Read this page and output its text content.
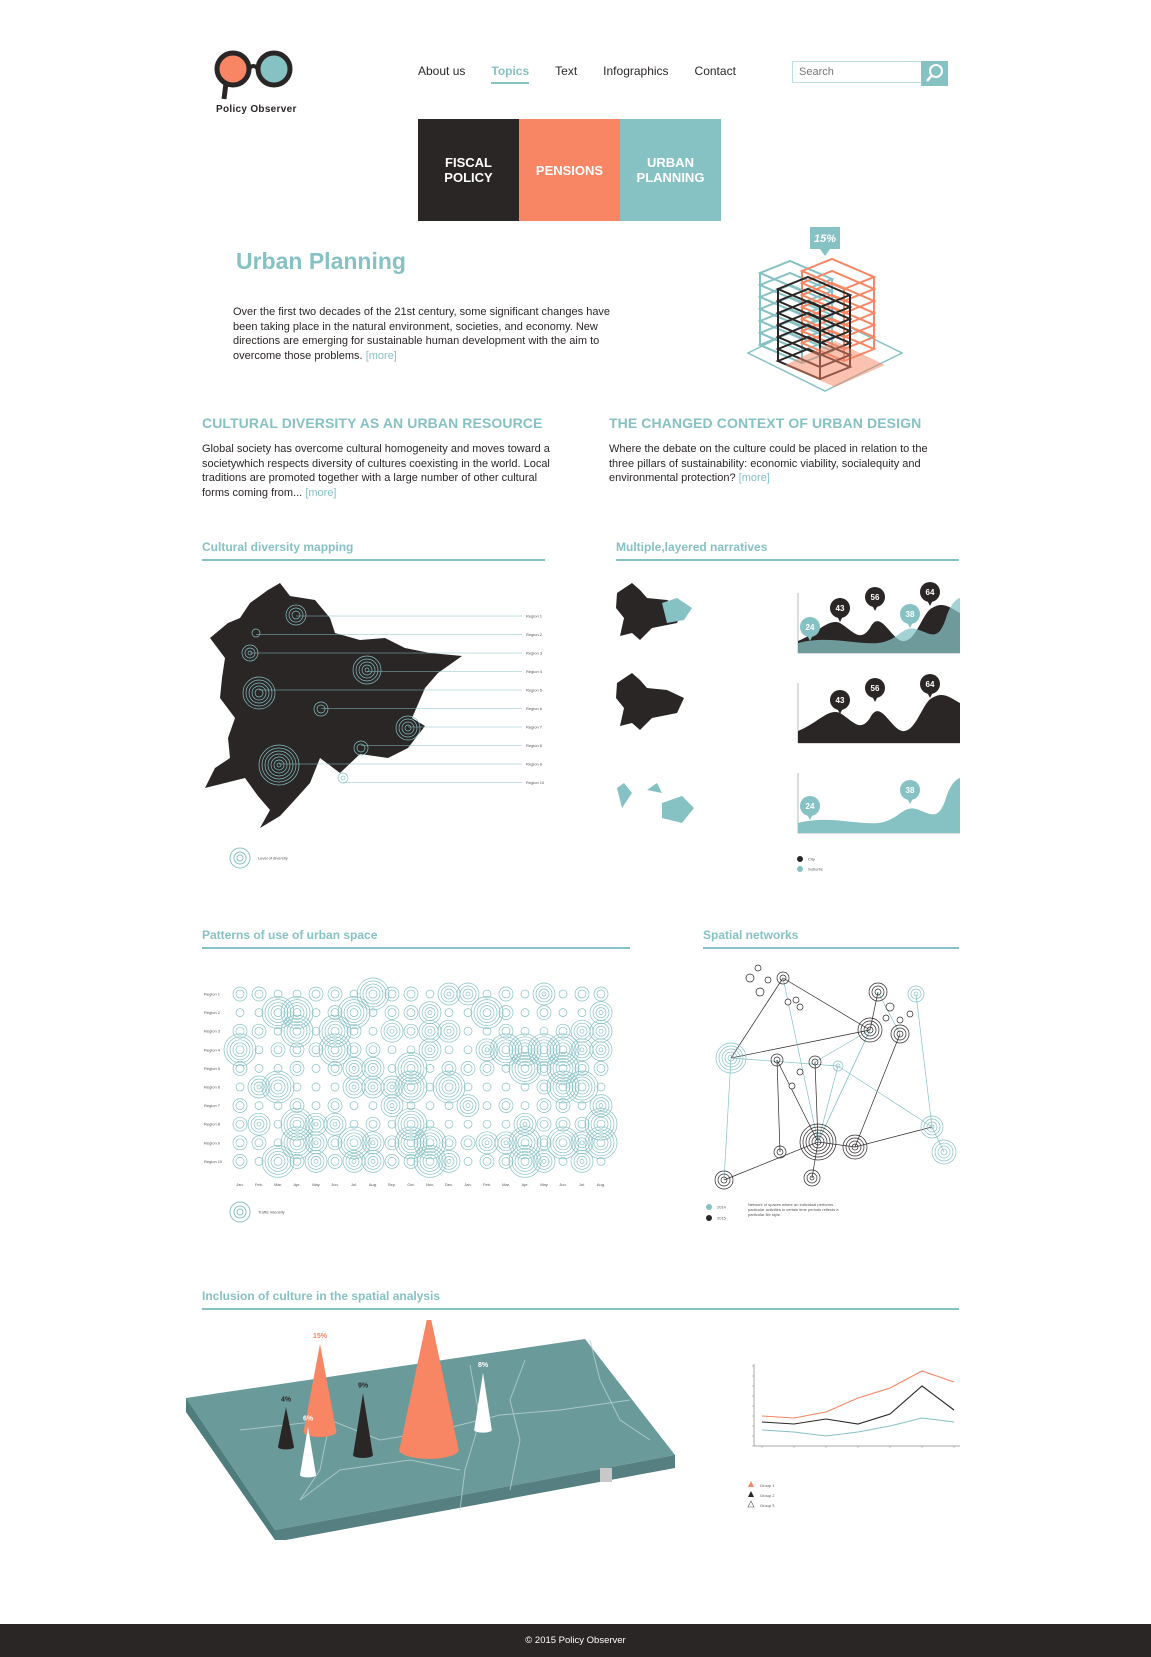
Policy Observer
About us Topics Text Infographics Contact
Search
FISCAL
POLICY	PENSIONS	URBAN
PLANNING
Urban Planning
Over the first two decades of the 21st century, some significant changes have been taking place in the natural environment, societies, and economy. New directions are emerging for sustainable human development with the aim to overcome those problems. [more]
15%
CULTURAL DIVERSITY AS AN URBAN RESOURCE
Global society has overcome cultural homogeneity and moves toward a societywhich respects diversity of cultures coexisting in the world. Local traditions are promoted together with a large number of other cultural forms coming from... [more]
THE CHANGED CONTEXT OF URBAN DESIGN
Where the debate on the culture could be placed in relation to the three pillars of sustainability: economic viability, socialequity and environmental protection? [more]
Cultural diversity mapping	Multiple,layered narratives
Patterns of use of urban space	Spatial networks
Inclusion of culture in the spatial analysis
Region 1
Region 2
Region 3
Region 4
Region 5
Region 6
Region 7
Region 8
Region 9
Region 10
Level of diversity
43
56
64
24
38
43
56	64
24
38
City
Suburbs
Region 1
Region 2
Region 3
Region 4
Region 5
Region 6
Region 7
Region 8
Region 9
Region 10
Jan.	Feb.	Mar.	Apr.	May	Jun.	Jul.	Aug.	Sep.	Oct.	Nov.	Dec.	Jan.	Feb.	Mar.	Apr.	May	Jun.	Jul.	Aug.
Traffic intensity
2014
2015
Network of spaces where an individual performs particular activities in certain time periods reflects a particular life style.
4%
15%
6%
9%
8%
Group 1
Group 2
Group 3
© 2015 Policy Observer
